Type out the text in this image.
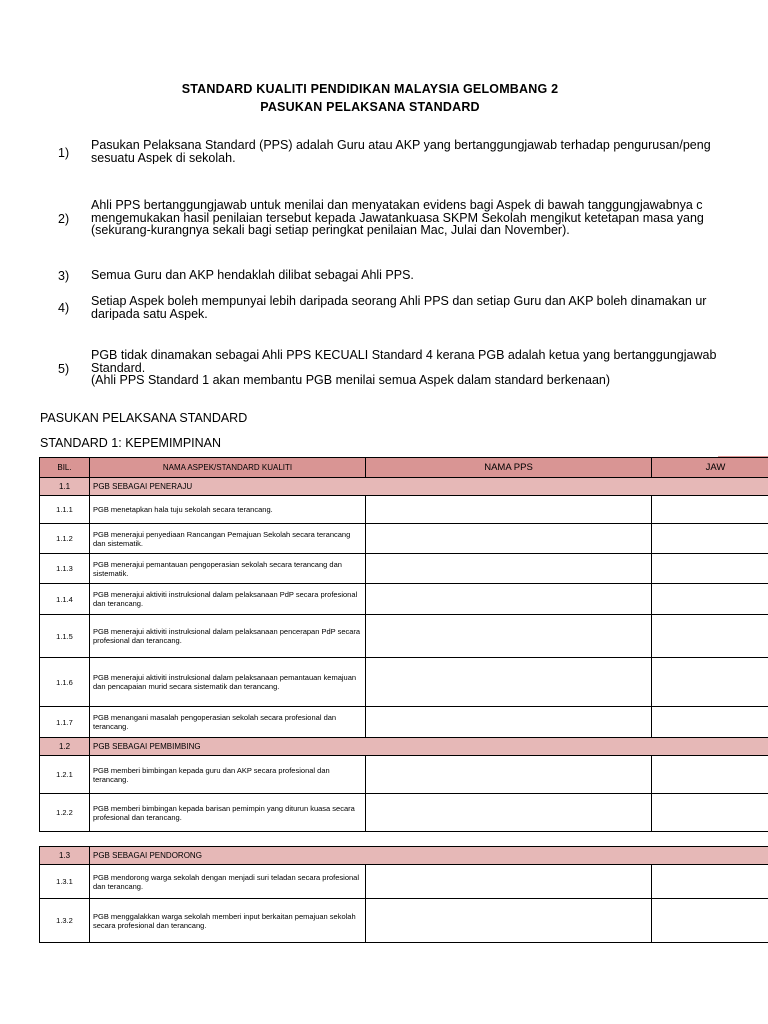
STANDARD KUALITI PENDIDIKAN MALAYSIA GELOMBANG 2
PASUKAN PELAKSANA STANDARD
1)
Pasukan Pelaksana Standard (PPS) adalah Guru atau AKP yang bertanggungjawab terhadap pengurusan/peng
sesuatu Aspek di sekolah.
2)
Ahli PPS bertanggungjawab untuk menilai dan menyatakan evidens bagi Aspek di bawah tanggungjawabnya c
mengemukakan hasil penilaian tersebut kepada Jawatankuasa SKPM Sekolah mengikut ketetapan masa yang
(sekurang-kurangnya sekali bagi setiap peringkat penilaian Mac, Julai dan November).
3) Semua Guru dan AKP hendaklah dilibat sebagai Ahli PPS.
4) Setiap Aspek boleh mempunyai lebih daripada seorang Ahli PPS dan setiap Guru dan AKP boleh dinamakan ur
daripada satu Aspek.
5)
PGB tidak dinamakan sebagai Ahli PPS KECUALI Standard 4 kerana PGB adalah ketua yang bertanggungjawab
Standard.
(Ahli PPS Standard 1 akan membantu PGB menilai semua Aspek dalam standard berkenaan)
PASUKAN PELAKSANA STANDARD
STANDARD 1: KEPEMIMPINAN
BIL.	NAMA ASPEK/STANDARD KUALITI	NAMA PPS	JAW
1.1	PGB SEBAGAI PENERAJU		
1.1.1	PGB menetapkan hala tuju sekolah secara terancang.		
1.1.2	PGB menerajui penyediaan Rancangan Pemajuan Sekolah secara terancang dan sistematik.		
1.1.3	PGB menerajui pemantauan pengoperasian sekolah secara terancang dan sistematik.		
1.1.4	PGB menerajui aktiviti instruksional dalam pelaksanaan PdP secara profesional dan terancang.		
1.1.5	PGB menerajui aktiviti instruksional dalam pelaksanaan pencerapan PdP secara profesional dan terancang.		
1.1.6	PGB menerajui aktiviti instruksional dalam pelaksanaan pemantauan kemajuan dan pencapaian murid secara sistematik dan terancang.		
1.1.7	PGB menangani masalah pengoperasian sekolah secara profesional dan terancang.		
1.2	PGB SEBAGAI PEMBIMBING		
1.2.1	PGB memberi bimbingan kepada guru dan AKP secara profesional dan terancang.		
1.2.2	PGB memberi bimbingan kepada barisan pemimpin yang diturun kuasa secara profesional dan terancang.		
1.3	PGB SEBAGAI PENDORONG		
1.3.1	PGB mendorong warga sekolah dengan menjadi suri teladan secara profesional dan terancang.		
1.3.2	PGB menggalakkan warga sekolah memberi input berkaitan pemajuan sekolah secara profesional dan terancang.		
